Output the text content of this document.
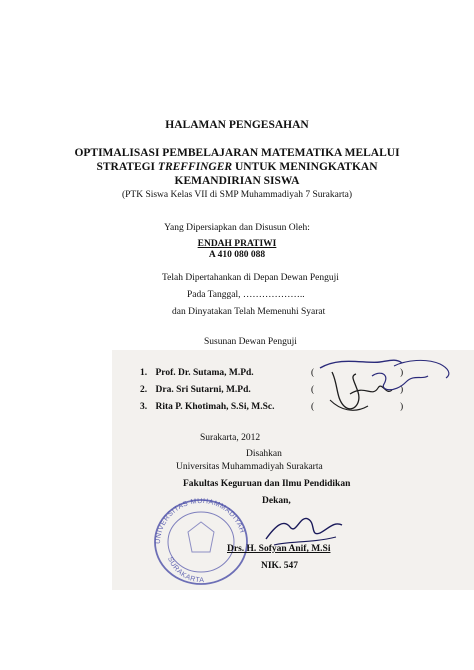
HALAMAN PENGESAHAN
OPTIMALISASI PEMBELAJARAN MATEMATIKA MELALUI
STRATEGI TREFFINGER UNTUK MENINGKATKAN
KEMANDIRIAN SISWA
(PTK Siswa Kelas VII di SMP Muhammadiyah 7 Surakarta)
Yang Dipersiapkan dan Disusun Oleh:
ENDAH PRATIWI
A 410 080 088
Telah Dipertahankan di Depan Dewan Penguji
Pada Tanggal, ………………..
dan Dinyatakan Telah Memenuhi Syarat
Susunan Dewan Penguji
1. Prof. Dr. Sutama, M.Pd.	(	)
2. Dra. Sri Sutarni, M.Pd.	(	)
3. Rita P. Khotimah, S.Si, M.Sc.	(	)
Surakarta, 2012
Disahkan
Universitas Muhammadiyah Surakarta
Fakultas Keguruan dan Ilmu Pendidikan
Dekan,
UNIVERSITAS MUHAMMADIYAH
SURAKARTA
Drs. H. Sofyan Anif, M.Si
NIK. 547
